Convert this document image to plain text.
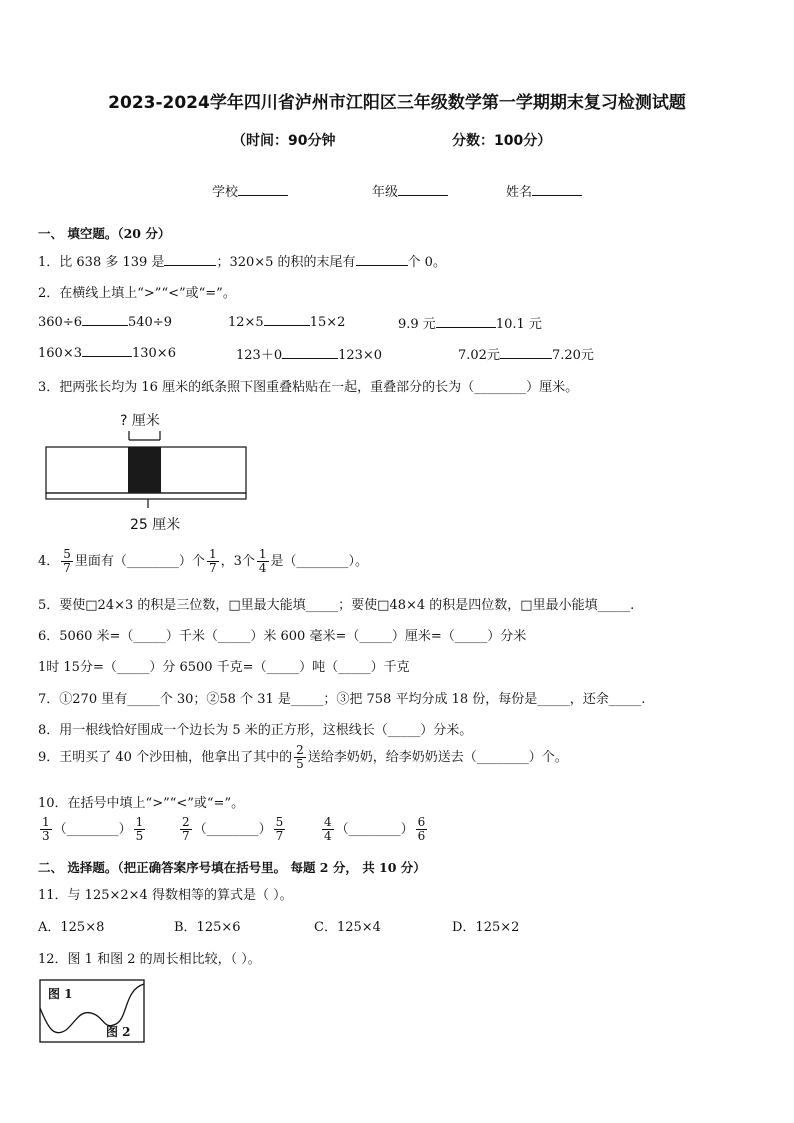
2023-2024学年四川省泸州市江阳区三年级数学第一学期期末复习检测试题
（时间：90分钟	分数：100分）
学校	年级	姓名
一、 填空题。（20 分）
1．比 638 多 139 是	；320×5 的积的末尾有	个 0。
2．在横线上填上“>”“<”或“=”。
360÷6	540÷9	12×5	15×2	9.9 元	10.1 元
160×3	130×6	123＋0	123×0	7.02元	7.20元
3．把两张长均为 16 厘米的纸条照下图重叠粘贴在一起，重叠部分的长为（________）厘米。
? 厘米
25 厘米
4． $\frac{5}{7}$ 里面有（________）个 $\frac{1}{7}$ ，3个 $\frac{1}{4}$ 是（________）。
5．要使□24×3 的积是三位数，□里最大能填_____；要使□48×4 的积是四位数，□里最小能填_____.
6．5060 米=（_____）千米（_____）米 600 毫米=（_____）厘米=（_____）分米
1时 15分=（_____）分 6500 千克=（_____）吨（_____）千克
7．①270 里有_____个 30；②58 个 31 是_____；③把 758 平均分成 18 份，每份是_____，还余_____.
8．用一根线恰好围成一个边长为 5 米的正方形，这根线长（_____）分米。
9．王明买了 40 个沙田柚，他拿出了其中的 $\frac{2}{5}$ 送给李奶奶，给李奶奶送去（________）个。
10．在括号中填上“>”“<”或“=”。
$\frac{1}{3}$ （________） $\frac{1}{5}$	$\frac{2}{7}$ （________） $\frac{5}{7}$	$\frac{4}{4}$ （________） $\frac{6}{6}$
二、 选择题。（把正确答案序号填在括号里。 每题 2 分， 共 10 分）
11．与 125×2×4 得数相等的算式是（ ）。
A．125×8	B．125×6	C．125×4	D．125×2
12．图 1 和图 2 的周长相比较，（ ）。
图 1
图 2
